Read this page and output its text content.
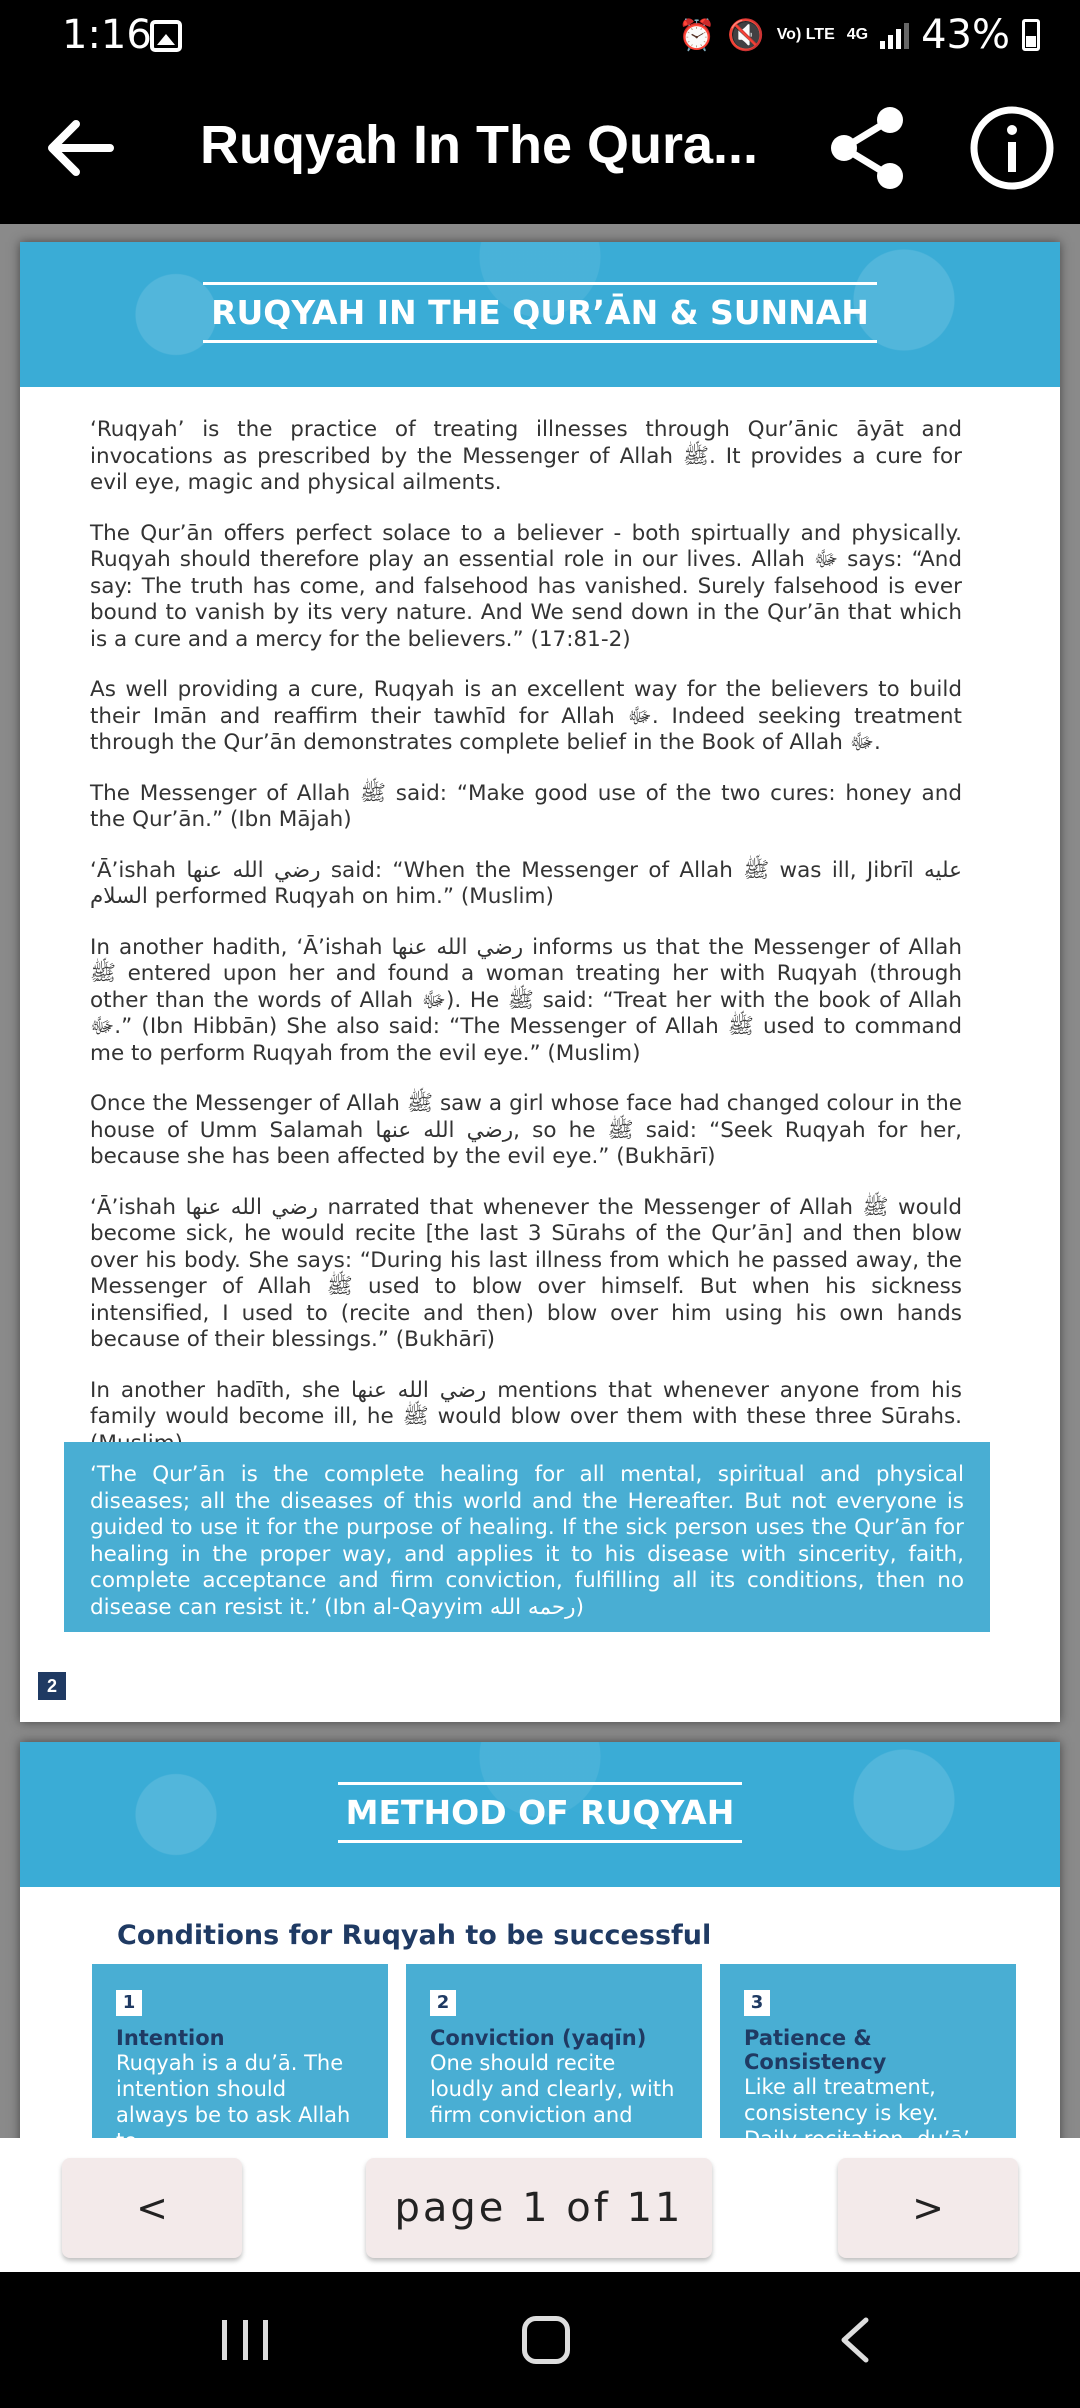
1:16	⏰ 🔇 Vo) LTE 4G 43%
Ruqyah In The Qura...
RUQYAH IN THE QUR’ĀN & SUNNAH

‘Ruqyah’ is the practice of treating illnesses through Qur’ānic āyāt and invocations as prescribed by the Messenger of Allah ﷺ. It provides a cure for evil eye, magic and physical ailments.

The Qur’ān offers perfect solace to a believer - both spirtually and physically. Ruqyah should therefore play an essential role in our lives. Allah ﷻ says: “And say: The truth has come, and falsehood has vanished. Surely falsehood is ever bound to vanish by its very nature. And We send down in the Qur’ān that which is a cure and a mercy for the believers.” (17:81-2)

As well providing a cure, Ruqyah is an excellent way for the believers to build their Imān and reaffirm their tawhīd for Allah ﷻ. Indeed seeking treatment through the Qur’ān demonstrates complete belief in the Book of Allah ﷻ.

The Messenger of Allah ﷺ said: “Make good use of the two cures: honey and the Qur’ān.” (Ibn Mājah)

‘Ā’ishah رضي الله عنها said: “When the Messenger of Allah ﷺ was ill, Jibrīl عليه السلام performed Ruqyah on him.” (Muslim)

In another hadith, ‘Ā’ishah رضي الله عنها informs us that the Messenger of Allah ﷺ entered upon her and found a woman treating her with Ruqyah (through other than the words of Allah ﷻ). He ﷺ said: “Treat her with the book of Allah ﷻ.” (Ibn Hibbān) She also said: “The Messenger of Allah ﷺ used to command me to perform Ruqyah from the evil eye.” (Muslim)

Once the Messenger of Allah ﷺ saw a girl whose face had changed colour in the house of Umm Salamah رضي الله عنها, so he ﷺ said: “Seek Ruqyah for her, because she has been affected by the evil eye.” (Bukhārī)

‘Ā’ishah رضي الله عنها narrated that whenever the Messenger of Allah ﷺ would become sick, he would recite [the last 3 Sūrahs of the Qur’ān] and then blow over his body. She says: “During his last illness from which he passed away, the Messenger of Allah ﷺ used to blow over himself. But when his sickness intensified, I used to (recite and then) blow over him using his own hands because of their blessings.” (Bukhārī)

In another hadīth, she رضي الله عنها mentions that whenever anyone from his family would become ill, he ﷺ would blow over them with these three Sūrahs.

‘The Qur’ān is the complete healing for all mental, spiritual and physical diseases; all the diseases of this world and the Hereafter. But not everyone is guided to use it for the purpose of healing. If the sick person uses the Qur’ān for healing in the proper way, and applies it to his disease with sincerity, faith, complete acceptance and firm conviction, fulfilling all its conditions, then no disease can resist it.’ (Ibn al-Qayyim رحمه الله)
2
METHOD OF RUQYAH
Conditions for Ruqyah to be successful
1
Intention
Ruqyah is a du’ā. The intention should always be to ask Allah
2
Conviction (yaqīn)
One should recite loudly and clearly, with firm conviction and
3
Patience & Consistency
Like all treatment, consistency is key.
<	page 1 of 11	>
